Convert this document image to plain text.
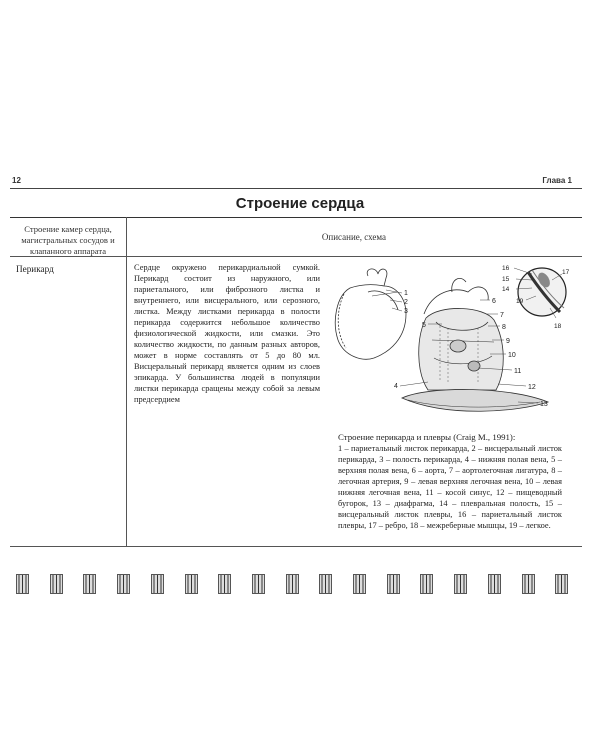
12	Глава 1
Строение сердца
Строение камер сердца, магистральных сосудов и клапанного аппарата
Описание, схема
Перикард	Сердце окружено перикардиальной сумкой. Перикард состоит из наружного, или париетального, или фиброзного листка и внутреннего, или висцерального, или серозного, листка. Между листками перикарда в полости перикарда содержится небольшое количество физиологической жидкости, или смазки. Это количество жидкости, по данным разных авторов, может в норме составлять от 5 до 80 мл. Висцеральный перикард является одним из слоев эпикарда. У большинства людей в популяции листки перикарда сращены между собой за левым предсердием
1
2
3
4
5
6
7
8
9
10
11
12
13
16
15
14
17
18
19
Строение перикарда и плевры (Craig M., 1991):
1 – париетальный листок перикарда, 2 – висцеральный листок перикарда, 3 – полость перикарда, 4 – нижняя полая вена, 5 – верхняя полая вена, 6 – аорта, 7 – аортолегочная лигатура, 8 – легочная артерия, 9 – левая верхняя легочная вена, 10 – левая нижняя легочная вена, 11 – косой синус, 12 – пищеводный бугорок, 13 – диафрагма, 14 – плевральная полость, 15 – висцеральный листок плевры, 16 – париетальный листок плевры, 17 – ребро, 18 – межреберные мышцы, 19 – легкое.
